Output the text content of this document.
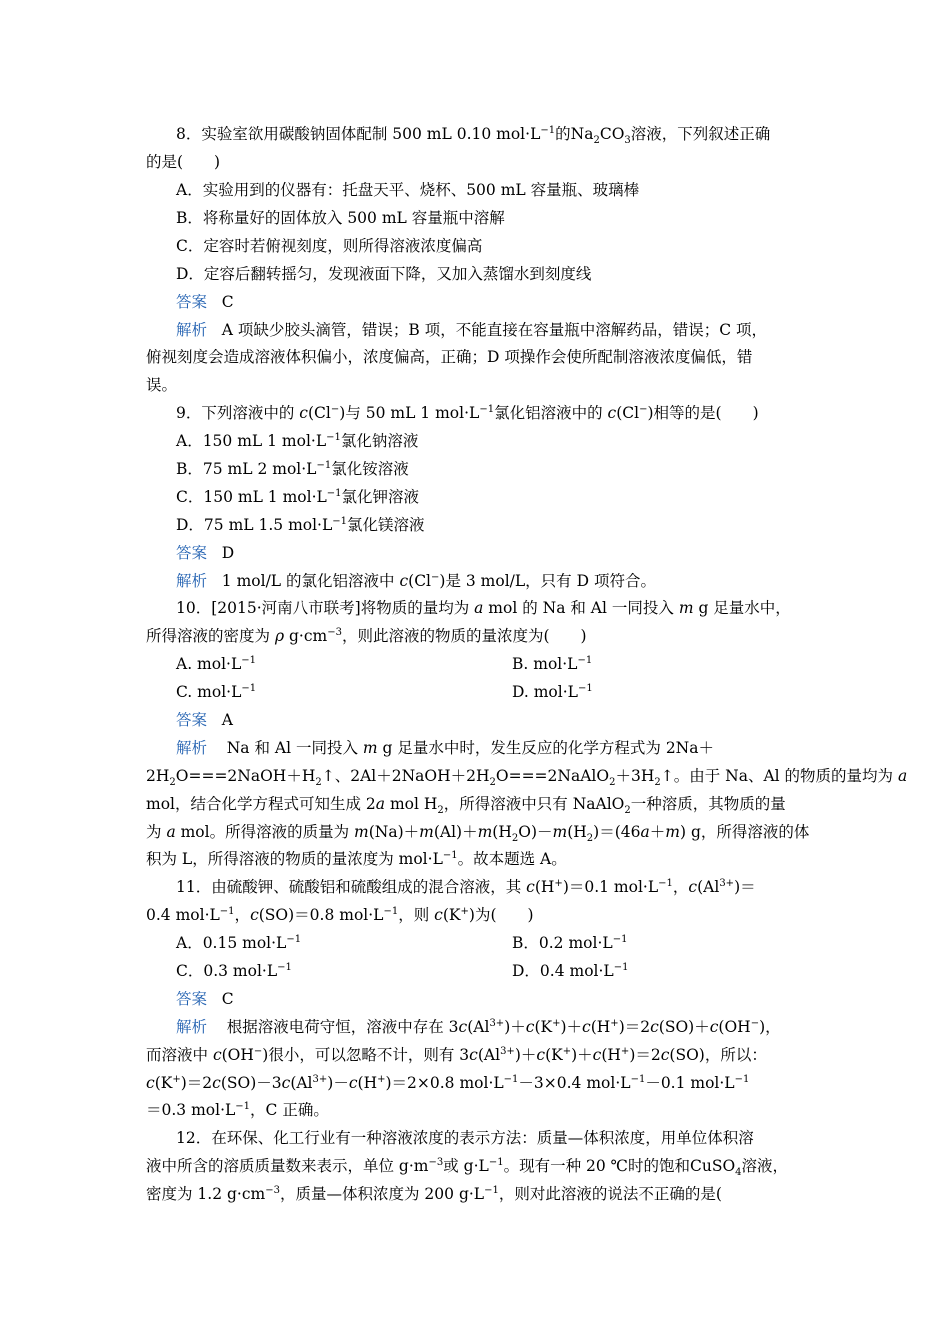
8．实验室欲用碳酸钠固体配制 500 mL 0.10 $mol\cdot L^{-1}$的$Na_2CO_3$溶液，下列叙述正确
的是(　　)
A．实验用到的仪器有：托盘天平、烧杯、500 mL 容量瓶、玻璃棒
B．将称量好的固体放入 500 mL 容量瓶中溶解
C．定容时若俯视刻度，则所得溶液浓度偏高
D．定容后翻转摇匀，发现液面下降，又加入蒸馏水到刻度线
答案 C
解析 A 项缺少胶头滴管，错误；B 项，不能直接在容量瓶中溶解药品，错误；C 项，
俯视刻度会造成溶液体积偏小，浓度偏高，正确；D 项操作会使所配制溶液浓度偏低，错
误。
9．下列溶液中的 c(Cl−)与 50 mL 1 $mol\cdot L^{-1}$氯化铝溶液中的 c(Cl−)相等的是(　　)
A．150 mL 1 $mol\cdot L^{-1}$氯化钠溶液
B．75 mL 2 $mol\cdot L^{-1}$氯化铵溶液
C．150 mL 1 $mol\cdot L^{-1}$氯化钾溶液
D．75 mL 1.5 $mol\cdot L^{-1}$氯化镁溶液
答案 D
解析 1 mol/L 的氯化铝溶液中 c(Cl−)是 3 mol/L，只有 D 项符合。
10．[2015·河南八市联考]将物质的量均为 a mol 的 Na 和 Al 一同投入 m g 足量水中，
所得溶液的密度为 ρ $g\cdot cm^{-3}$，则此溶液的物质的量浓度为(　　)
A. $mol\cdot L^{-1}$	B. $mol\cdot L^{-1}$
C. $mol\cdot L^{-1}$	D. $mol\cdot L^{-1}$
答案 A
解析 Na 和 Al 一同投入 m g 足量水中时，发生反应的化学方程式为 2Na＋
$2H_2O===2NaOH+H_2↑$、$2Al+2NaOH+2H_2O===2NaAlO_2+3H_2↑$。由于 Na、Al 的物质的量均为 a
mol，结合化学方程式可知生成 2a mol $H_2$，所得溶液中只有 NaAlO$_2$一种溶质，其物质的量
为 a mol。所得溶液的质量为 $m(Na)+m(Al)+m(H_2O)-m(H_2)=(46a+m)$ g，所得溶液的体
积为 L，所得溶液的物质的量浓度为 $mol\cdot L^{-1}$。故本题选 A。
11．由硫酸钾、硫酸铝和硫酸组成的混合溶液，其 c(H+)＝0.1 $mol\cdot L^{-1}$，$c(Al^{3+})=$
0.4 $mol\cdot L^{-1}$，c(SO)＝0.8 $mol\cdot L^{-1}$，则 c(K+)为(　　)
A．0.15 $mol\cdot L^{-1}$	B．0.2 $mol\cdot L^{-1}$
C．0.3 $mol\cdot L^{-1}$	D．0.4 $mol\cdot L^{-1}$
答案 C
解析 根据溶液电荷守恒，溶液中存在 $3c(Al^{3+})+c(K^+)+c(H^+)=2c(SO)+c(OH^-)$，
而溶液中 c(OH−)很小，可以忽略不计，则有 $3c(Al^{3+})+c(K^+)+c(H^+)=2c(SO)$，所以：
$c(K^+)=2c(SO)-3c(Al^{3+})-c(H^+)=2\times 0.8$ $mol\cdot L^{-1}-3\times 0.4$ $mol\cdot L^{-1}-0.1$ $mol\cdot L^{-1}$
＝0.3 $mol\cdot L^{-1}$，C 正确。
12．在环保、化工行业有一种溶液浓度的表示方法：质量—体积浓度，用单位体积溶
液中所含的溶质质量数来表示，单位 $g\cdot m^{-3}$或 $g\cdot L^{-1}$。现有一种 20 ℃时的饱和CuSO$_4$溶液，
密度为 1.2 $g\cdot cm^{-3}$，质量—体积浓度为 200 $g\cdot L^{-1}$，则对此溶液的说法不正确的是(
